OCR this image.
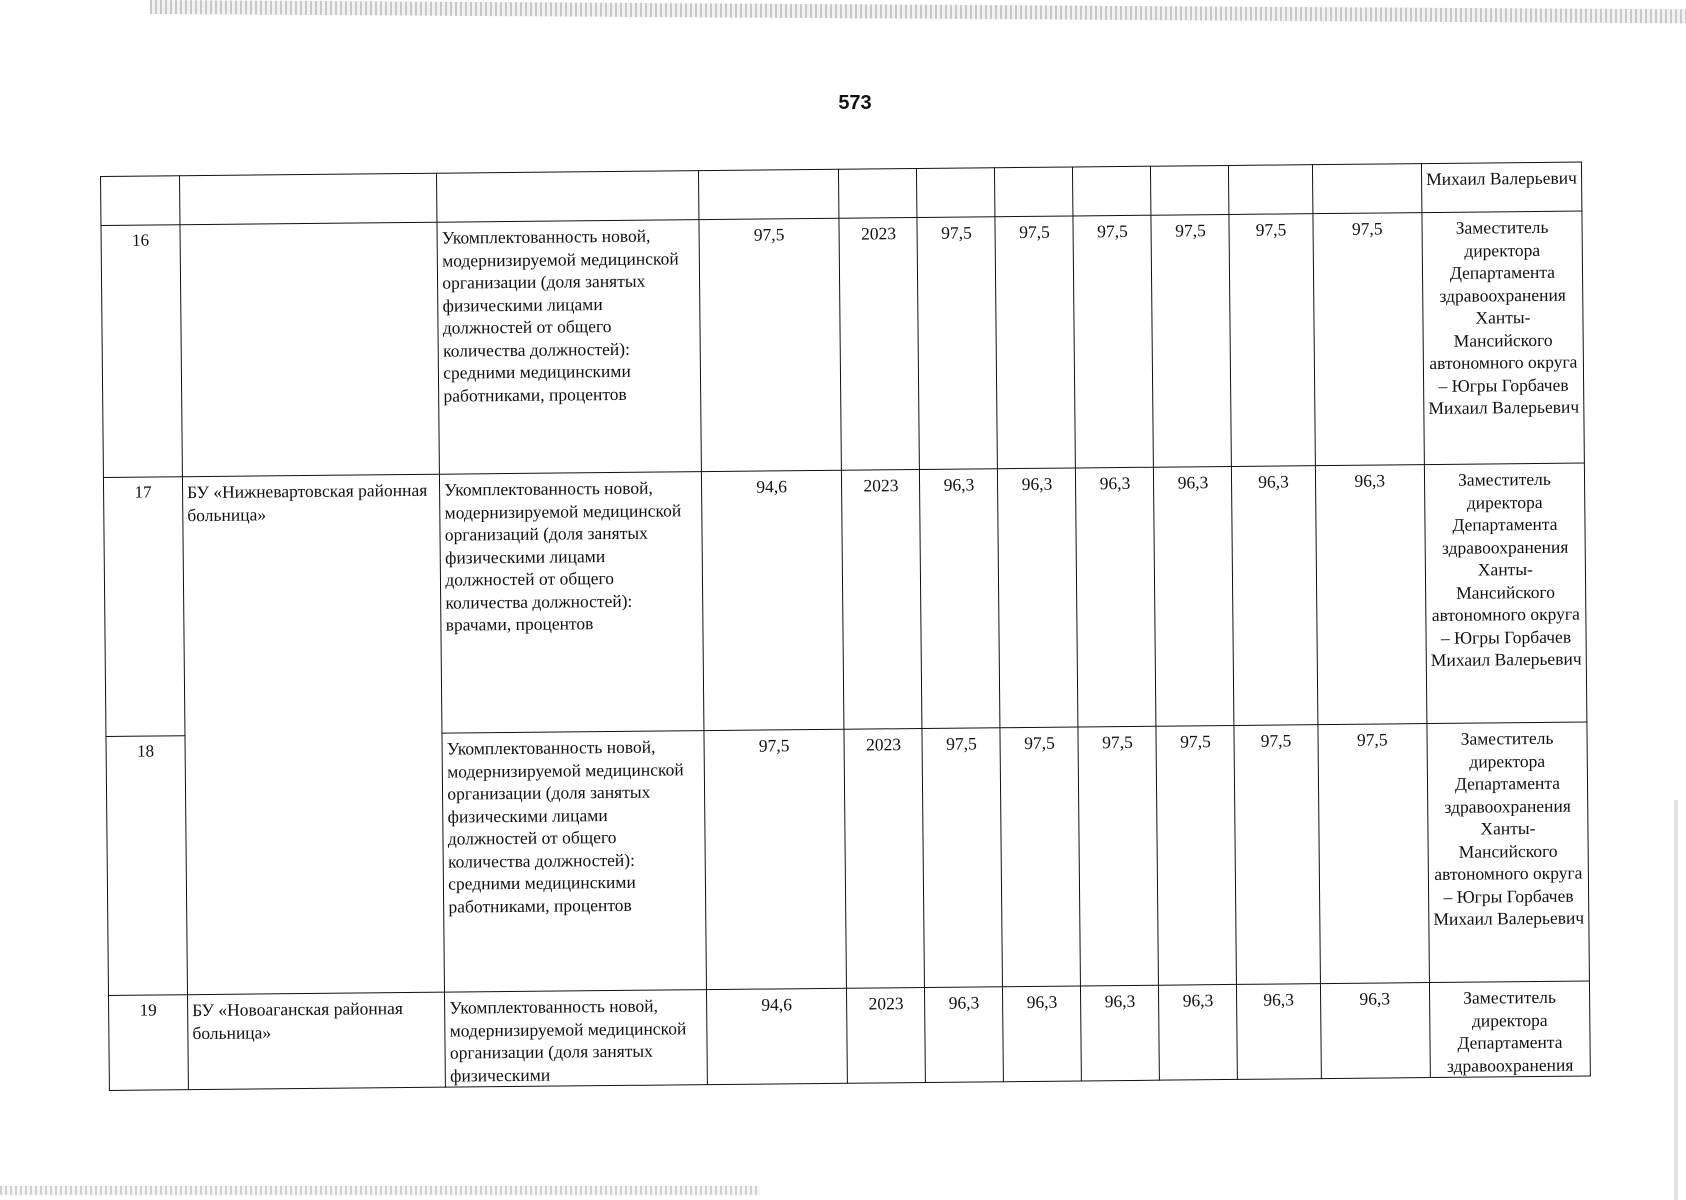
573
											Михаил Валерьевич
16		Укомплектованность новой, модернизируемой медицинской организации (доля занятых физическими лицами должностей от общего количества должностей): средними медицинскими работниками, процентов	97,5	2023	97,5	97,5	97,5	97,5	97,5	97,5	Заместитель директора Департамента здравоохранения Ханты-Мансийского автономного округа – Югры Горбачев Михаил Валерьевич
17	БУ «Нижневартовская районная больница»	Укомплектованность новой, модернизируемой медицинской организаций (доля занятых физическими лицами должностей от общего количества должностей): врачами, процентов	94,6	2023	96,3	96,3	96,3	96,3	96,3	96,3	Заместитель директора Департамента здравоохранения Ханты-Мансийского автономного округа – Югры Горбачев Михаил Валерьевич
18		Укомплектованность новой, модернизируемой медицинской организации (доля занятых физическими лицами должностей от общего количества должностей): средними медицинскими работниками, процентов	97,5	2023	97,5	97,5	97,5	97,5	97,5	97,5	Заместитель директора Департамента здравоохранения Ханты-Мансийского автономного округа – Югры Горбачев Михаил Валерьевич
19	БУ «Новоаганская районная больница»	Укомплектованность новой, модернизируемой медицинской организации (доля занятых физическими	94,6	2023	96,3	96,3	96,3	96,3	96,3	96,3	Заместитель директора Департамента здравоохранения
